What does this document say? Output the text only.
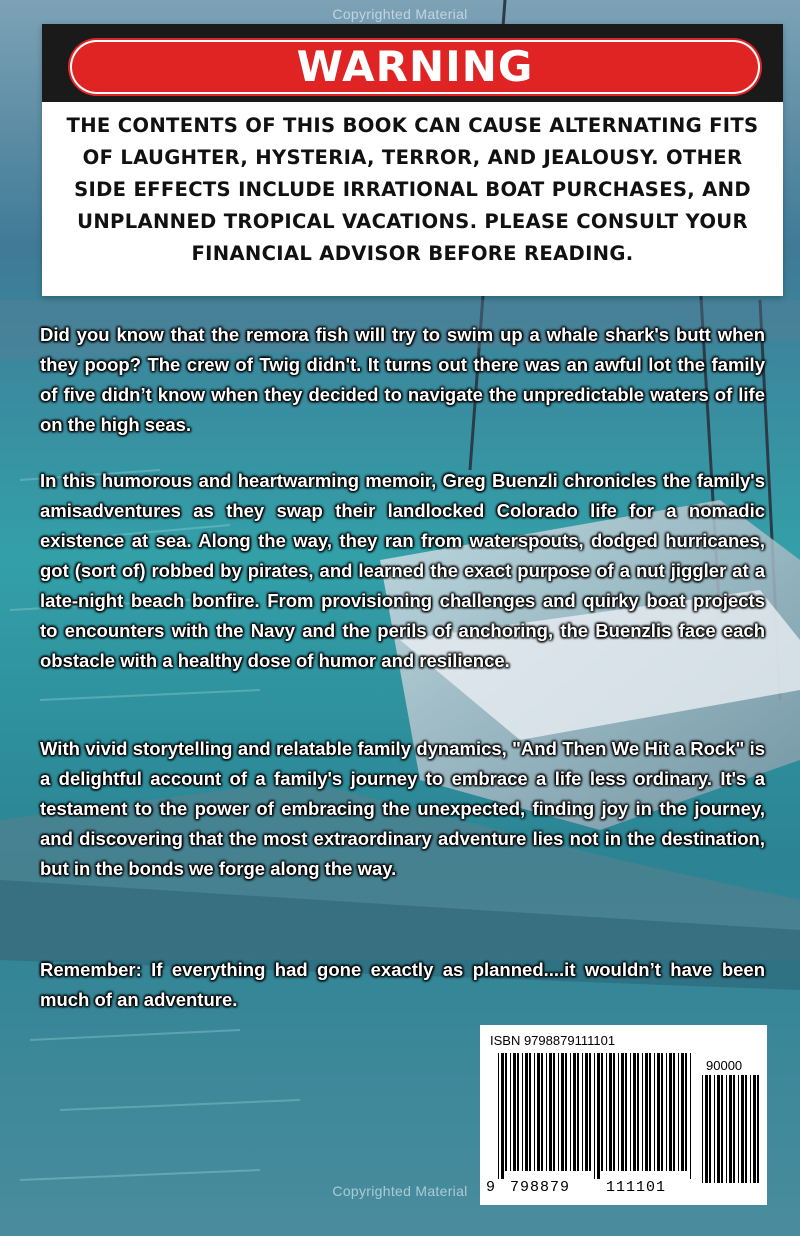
Copyrighted Material
WARNING
THE CONTENTS OF THIS BOOK CAN CAUSE ALTERNATING FITS OF LAUGHTER, HYSTERIA, TERROR, AND JEALOUSY. OTHER SIDE EFFECTS INCLUDE IRRATIONAL BOAT PURCHASES, AND UNPLANNED TROPICAL VACATIONS. PLEASE CONSULT YOUR FINANCIAL ADVISOR BEFORE READING.
Did you know that the remora fish will try to swim up a whale shark's butt when they poop? The crew of Twig didn't. It turns out there was an awful lot the family of five didn’t know when they decided to navigate the unpredictable waters of life on the high seas.
In this humorous and heartwarming memoir, Greg Buenzli chronicles the family's amisadventures as they swap their landlocked Colorado life for a nomadic existence at sea. Along the way, they ran from waterspouts, dodged hurricanes, got (sort of) robbed by pirates, and learned the exact purpose of a nut jiggler at a late-night beach bonfire. From provisioning challenges and quirky boat projects to encounters with the Navy and the perils of anchoring, the Buenzlis face each obstacle with a healthy dose of humor and resilience.
With vivid storytelling and relatable family dynamics, "And Then We Hit a Rock" is a delightful account of a family's journey to embrace a life less ordinary. It's a testament to the power of embracing the unexpected, finding joy in the journey, and discovering that the most extraordinary adventure lies not in the destination, but in the bonds we forge along the way.
Remember: If everything had gone exactly as planned....it wouldn’t have been much of an adventure.
ISBN 9798879111101
90000
9 798879 111101
Copyrighted Material
